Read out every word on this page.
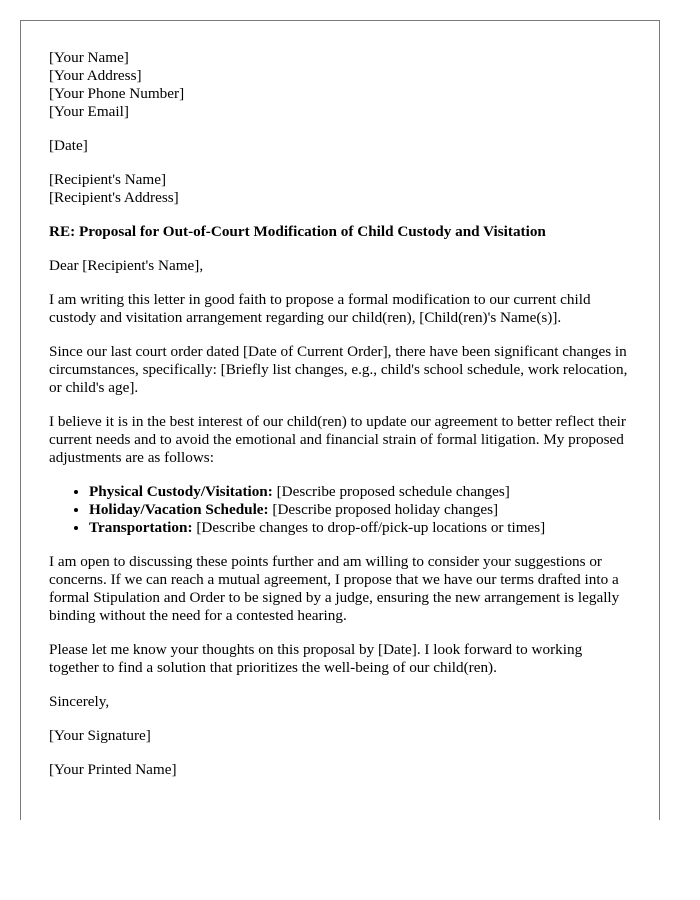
[Your Name]
[Your Address]
[Your Phone Number]
[Your Email]
[Date]
[Recipient's Name]
[Recipient's Address]
RE: Proposal for Out-of-Court Modification of Child Custody and Visitation
Dear [Recipient's Name],

I am writing this letter in good faith to propose a formal modification to our current child custody and visitation arrangement regarding our child(ren), [Child(ren)'s Name(s)].

Since our last court order dated [Date of Current Order], there have been significant changes in circumstances, specifically: [Briefly list changes, e.g., child's school schedule, work relocation, or child's age].

I believe it is in the best interest of our child(ren) to update our agreement to better reflect their current needs and to avoid the emotional and financial strain of formal litigation. My proposed adjustments are as follows:

• Physical Custody/Visitation: [Describe proposed schedule changes]
• Holiday/Vacation Schedule: [Describe proposed holiday changes]
• Transportation: [Describe changes to drop-off/pick-up locations or times]

I am open to discussing these points further and am willing to consider your suggestions or concerns. If we can reach a mutual agreement, I propose that we have our terms drafted into a formal Stipulation and Order to be signed by a judge, ensuring the new arrangement is legally binding without the need for a contested hearing.

Please let me know your thoughts on this proposal by [Date]. I look forward to working together to find a solution that prioritizes the well-being of our child(ren).

Sincerely,
[Your Signature]
[Your Printed Name]
